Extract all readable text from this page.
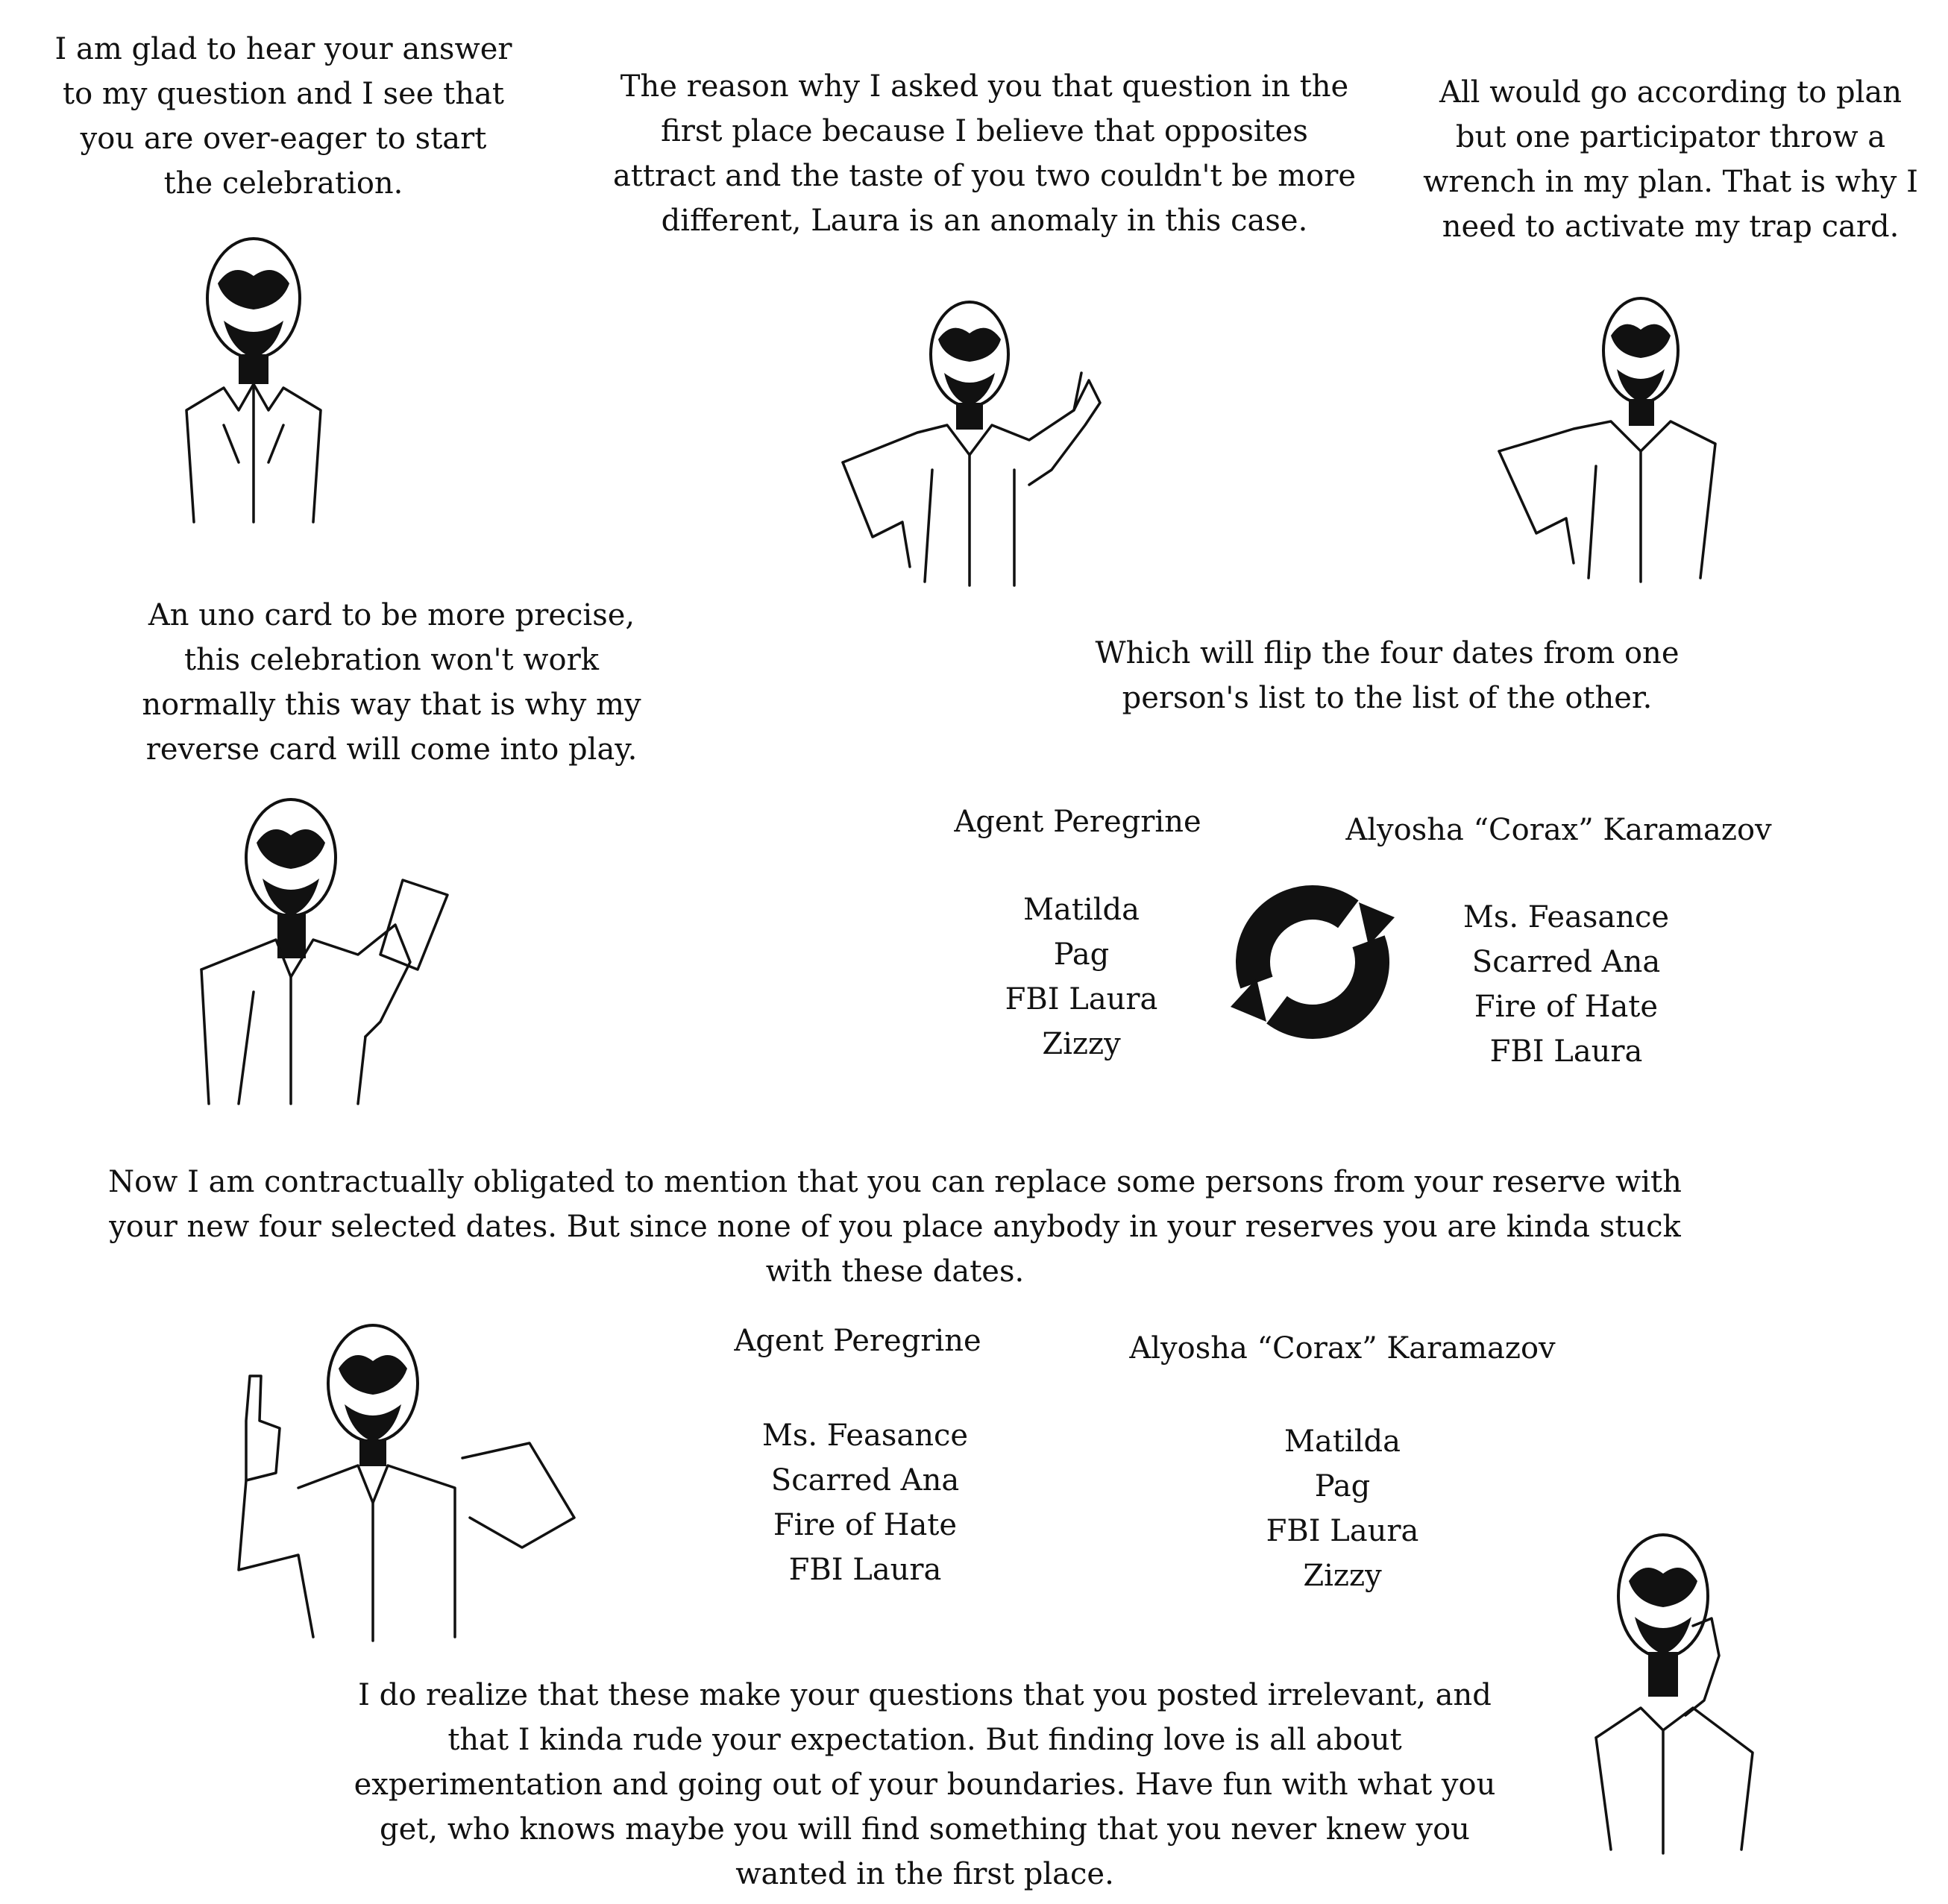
I am glad to hear your answer to my question and I see that you are over-eager to start the celebration.

The reason why I asked you that question in the first place because I believe that opposites attract and the taste of you two couldn't be more different, Laura is an anomaly in this case.

All would go according to plan but one participator throw a wrench in my plan. That is why I need to activate my trap card.

An uno card to be more precise, this celebration won't work normally this way that is why my reverse card will come into play.

Which will flip the four dates from one person's list to the list of the other.

Now I am contractually obligated to mention that you can replace some persons from your reserve with your new four selected dates. But since none of you place anybody in your reserves you are kinda stuck with these dates.

I do realize that these make your questions that you posted irrelevant, and that I kinda rude your expectation. But finding love is all about experimentation and going out of your boundaries. Have fun with what you get, who knows maybe you will find something that you never knew you wanted in the first place.

Agent Peregrine
Matilda
Pag
FBI Laura
Zizzy
Alyosha “Corax” Karamazov
Ms. Feasance
Scarred Ana
Fire of Hate
FBI Laura
Agent Peregrine
Ms. Feasance
Scarred Ana
Fire of Hate
FBI Laura
Alyosha “Corax” Karamazov
Matilda
Pag
FBI Laura
Zizzy
